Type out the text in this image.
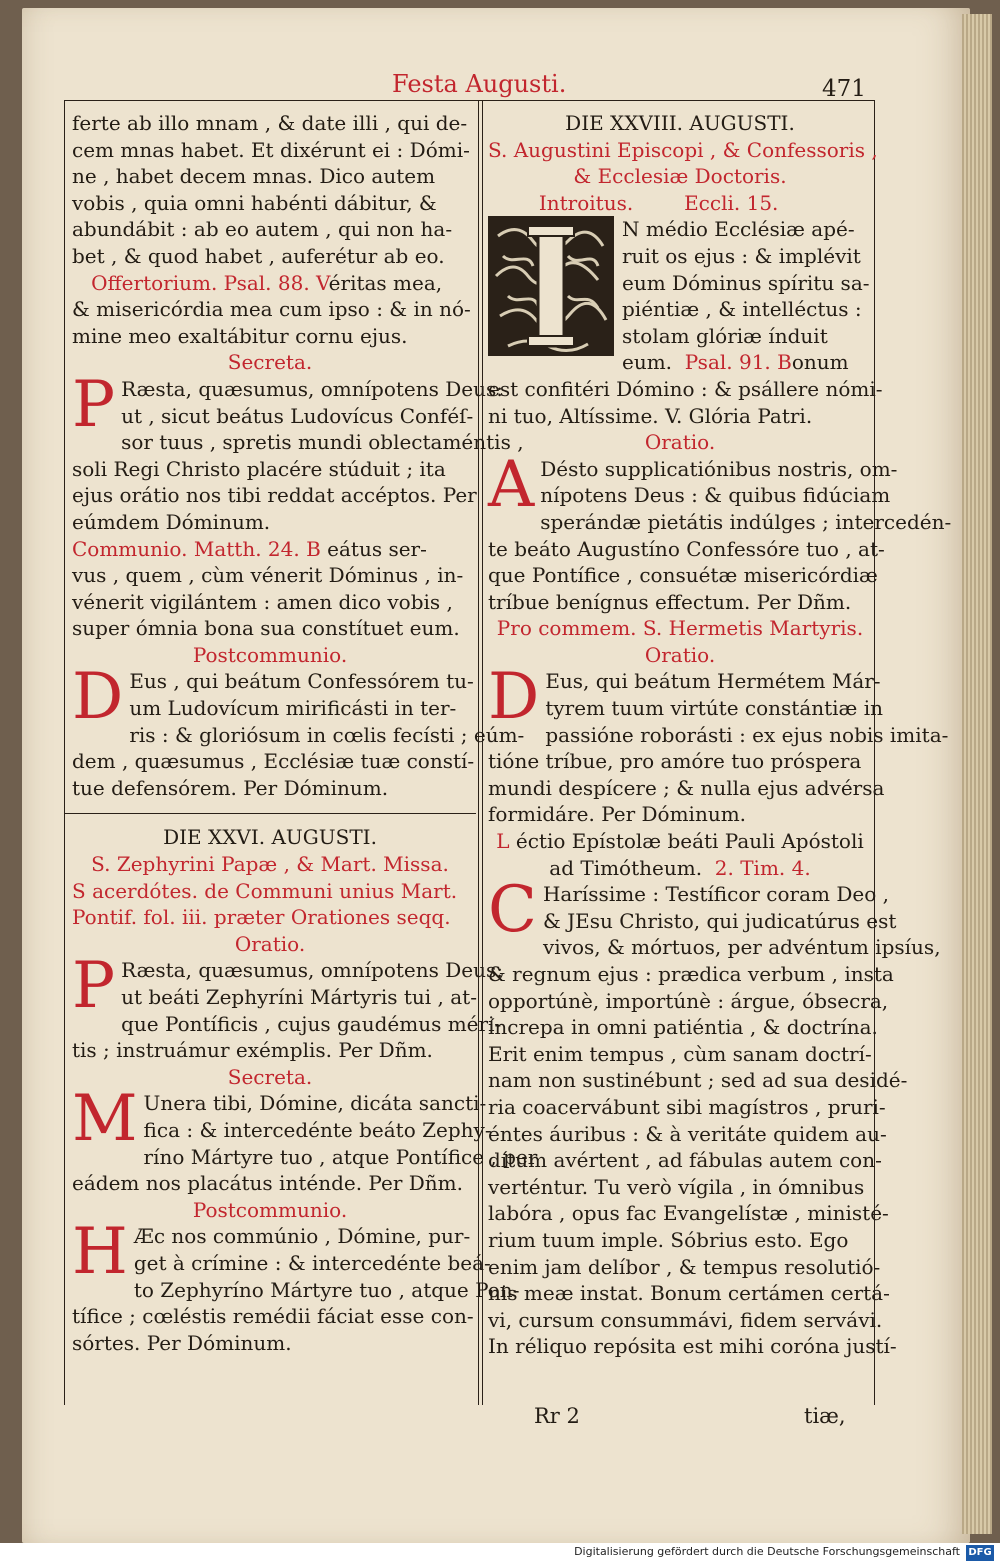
Festa Augusti.	471
ferte ab illo mnam , & date illi , qui de-
cem mnas habet. Et dixérunt ei : Dómi-
ne , habet decem mnas. Dico autem
vobis , quia omni habénti dábitur, &
abundábit : ab eo autem , qui non ha-
bet , & quod habet , auferétur ab eo.
Offertorium. Psal. 88. Véritas mea,
& misericórdia mea cum ipso : & in nó-
mine meo exaltábitur cornu ejus.
Secreta.
P Ræsta, quæsumus, omnípotens Deus:
ut , sicut beátus Ludovícus Conféſ-
sor tuus , spretis mundi oblectaméntis ,
soli Regi Christo placére stúduit ; ita
ejus orátio nos tibi reddat accéptos. Per
eúmdem Dóminum.
Communio. Matth. 24. B eátus ser-
vus , quem , cùm vénerit Dóminus , in-
vénerit vigilántem : amen dico vobis ,
super ómnia bona sua constítuet eum.
Postcommunio.
D Eus , qui beátum Confessórem tu-
um Ludovícum mirificásti in ter-
ris : & gloriósum in cœlis fecísti ; eúm-
dem , quæsumus , Ecclésiæ tuæ constí-
tue defensórem. Per Dóminum.
DIE XXVI. AUGUSTI.
S. Zephyrini Papæ , & Mart. Missa.
S acerdótes. de Communi unius Mart.
Pontif. fol. iii. præter Orationes seqq.
Oratio.
P Ræsta, quæsumus, omnípotens Deus:
ut beáti Zephyríni Mártyris tui , at-
que Pontíficis , cujus gaudémus méri-
tis ; instruámur exémplis. Per Dñm.
Secreta.
M Unera tibi, Dómine, dicáta sancti-
fica : & intercedénte beáto Zephy-
ríno Mártyre tuo , atque Pontífice , per
eádem nos placátus inténde. Per Dñm.
Postcommunio.
H Æc nos commúnio , Dómine, pur-
get à crímine : & intercedénte beá-
to Zephyríno Mártyre tuo , atque Pon-
tífice ; cœléstis remédii fáciat esse con-
sórtes. Per Dóminum.
DIE XXVIII. AUGUSTI.
S. Augustini Episcopi , & Confessoris ,
& Ecclesiæ Doctoris.
Introitus.	Eccli. 15.
N médio Ecclésiæ apé-
ruit os ejus : & implévit
eum Dóminus spíritu sa-
piéntiæ , & intelléctus :
stolam glóriæ índuit
eum. Psal. 91. Bonum
est confitéri Dómino : & psállere nómi-
ni tuo, Altíssime. V. Glória Patri.
Oratio.
A Désto supplicatiónibus nostris, om-
nípotens Deus : & quibus fidúciam
sperándæ pietátis indúlges ; intercedén-
te beáto Augustíno Confessóre tuo , at-
que Pontífice , consuétæ misericórdiæ
tríbue benígnus effectum. Per Dñm.
Pro commem. S. Hermetis Martyris.
Oratio.
D Eus, qui beátum Hermétem Már-
tyrem tuum virtúte constántiæ in
passióne roborásti : ex ejus nobis imita-
tióne tríbue, pro amóre tuo próspera
mundi despícere ; & nulla ejus advérsa
formidáre. Per Dóminum.
L éctio Epístolæ beáti Pauli Apóstoli
ad Timótheum. 2. Tim. 4.
C Haríssime : Testíficor coram Deo ,
& JEsu Christo, qui judicatúrus est
vivos, & mórtuos, per advéntum ipsíus,
& regnum ejus : prædica verbum , insta
opportúnè, importúnè : árgue, óbsecra,
íncrepa in omni patiéntia , & doctrína.
Erit enim tempus , cùm sanam doctrí-
nam non sustinébunt ; sed ad sua desidé-
ria coacervábunt sibi magístros , pruri-
éntes áuribus : & à veritáte quidem au-
dítum avértent , ad fábulas autem con-
verténtur. Tu verò vígila , in ómnibus
labóra , opus fac Evangelístæ , ministé-
rium tuum imple. Sóbrius esto. Ego
enim jam delíbor , & tempus resolutió-
nis meæ instat. Bonum certámen certá-
vi, cursum consummávi, fidem servávi.
In réliquo repósita est mihi coróna justí-
Rr 2	tiæ,
Digitalisierung gefördert durch die Deutsche Forschungsgemeinschaft DFG
